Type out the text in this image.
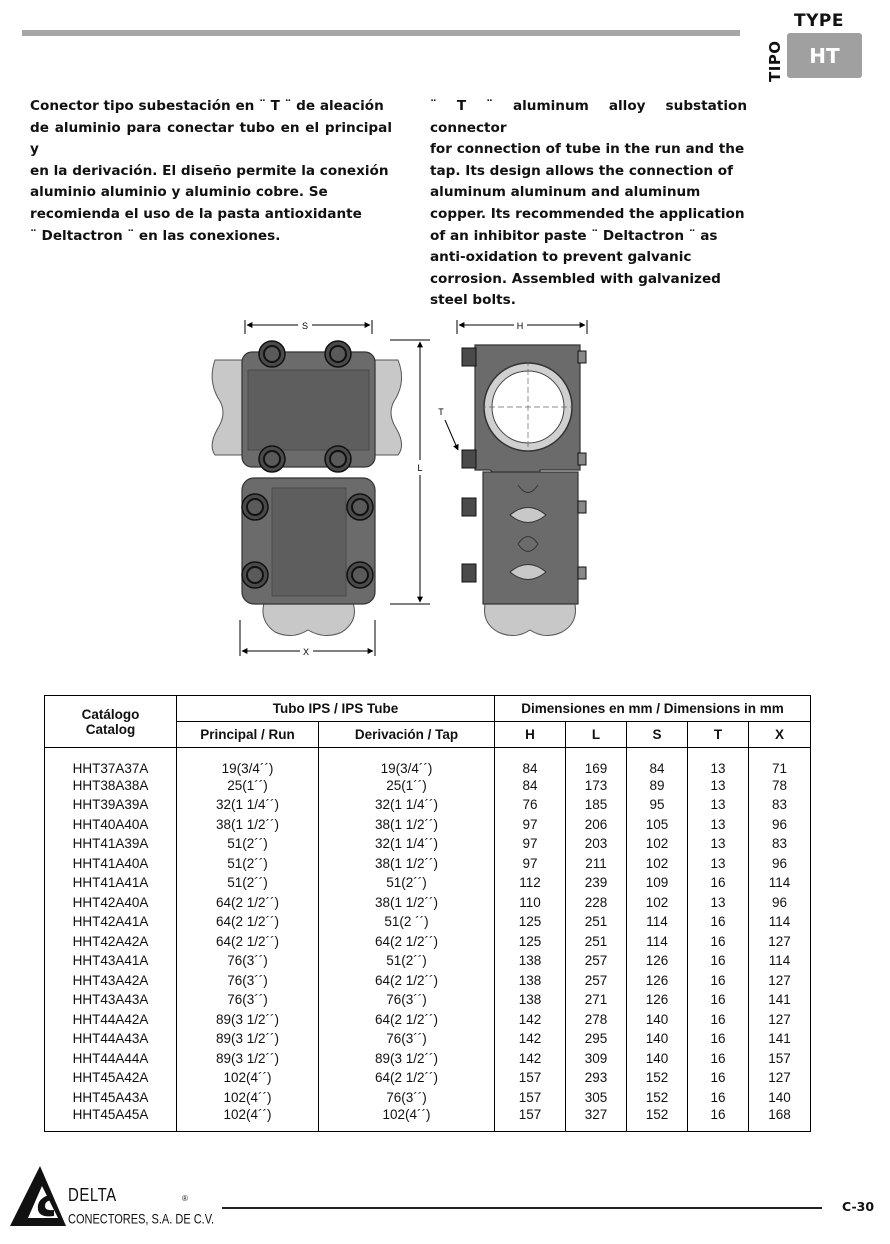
TYPE
TIPO	HT
Conector tipo subestación en ¨ T ¨ de aleación
de aluminio para conectar tubo en el principal y
en la derivación. El diseño permite la conexión
aluminio aluminio y aluminio cobre. Se
recomienda el uso de la pasta antioxidante
¨ Deltactron ¨ en las conexiones.
¨ T ¨ aluminum alloy substation connector
for connection of tube in the run and the
tap. Its design allows the connection of
aluminum aluminum and aluminum
copper. Its recommended the application
of an inhibitor paste ¨ Deltactron ¨ as
anti-oxidation to prevent galvanic
corrosion. Assembled with galvanized
steel bolts.
S
L
X
H
T
Catálogo
Catalog	Tubo IPS / IPS Tube		Dimensiones en mm / Dimensions in mm				
	Principal / Run	Derivación / Tap	H	L	S	T	X
HHT37A37A	19(3/4´´)	19(3/4´´)	84	169	84	13	71
HHT38A38A	25(1´´)	25(1´´)	84	173	89	13	78
HHT39A39A	32(1 1/4´´)	32(1 1/4´´)	76	185	95	13	83
HHT40A40A	38(1 1/2´´)	38(1 1/2´´)	97	206	105	13	96
HHT41A39A	51(2´´)	32(1 1/4´´)	97	203	102	13	83
HHT41A40A	51(2´´)	38(1 1/2´´)	97	211	102	13	96
HHT41A41A	51(2´´)	51(2´´)	112	239	109	16	114
HHT42A40A	64(2 1/2´´)	38(1 1/2´´)	110	228	102	13	96
HHT42A41A	64(2 1/2´´)	51(2 ´´)	125	251	114	16	114
HHT42A42A	64(2 1/2´´)	64(2 1/2´´)	125	251	114	16	127
HHT43A41A	76(3´´)	51(2´´)	138	257	126	16	114
HHT43A42A	76(3´´)	64(2 1/2´´)	138	257	126	16	127
HHT43A43A	76(3´´)	76(3´´)	138	271	126	16	141
HHT44A42A	89(3 1/2´´)	64(2 1/2´´)	142	278	140	16	127
HHT44A43A	89(3 1/2´´)	76(3´´)	142	295	140	16	141
HHT44A44A	89(3 1/2´´)	89(3 1/2´´)	142	309	140	16	157
HHT45A42A	102(4´´)	64(2 1/2´´)	157	293	152	16	127
HHT45A43A	102(4´´)	76(3´´)	157	305	152	16	140
HHT45A45A	102(4´´)	102(4´´)	157	327	152	16	168
DELTA
CONECTORES, S.A. DE C.V.
®
C-30
